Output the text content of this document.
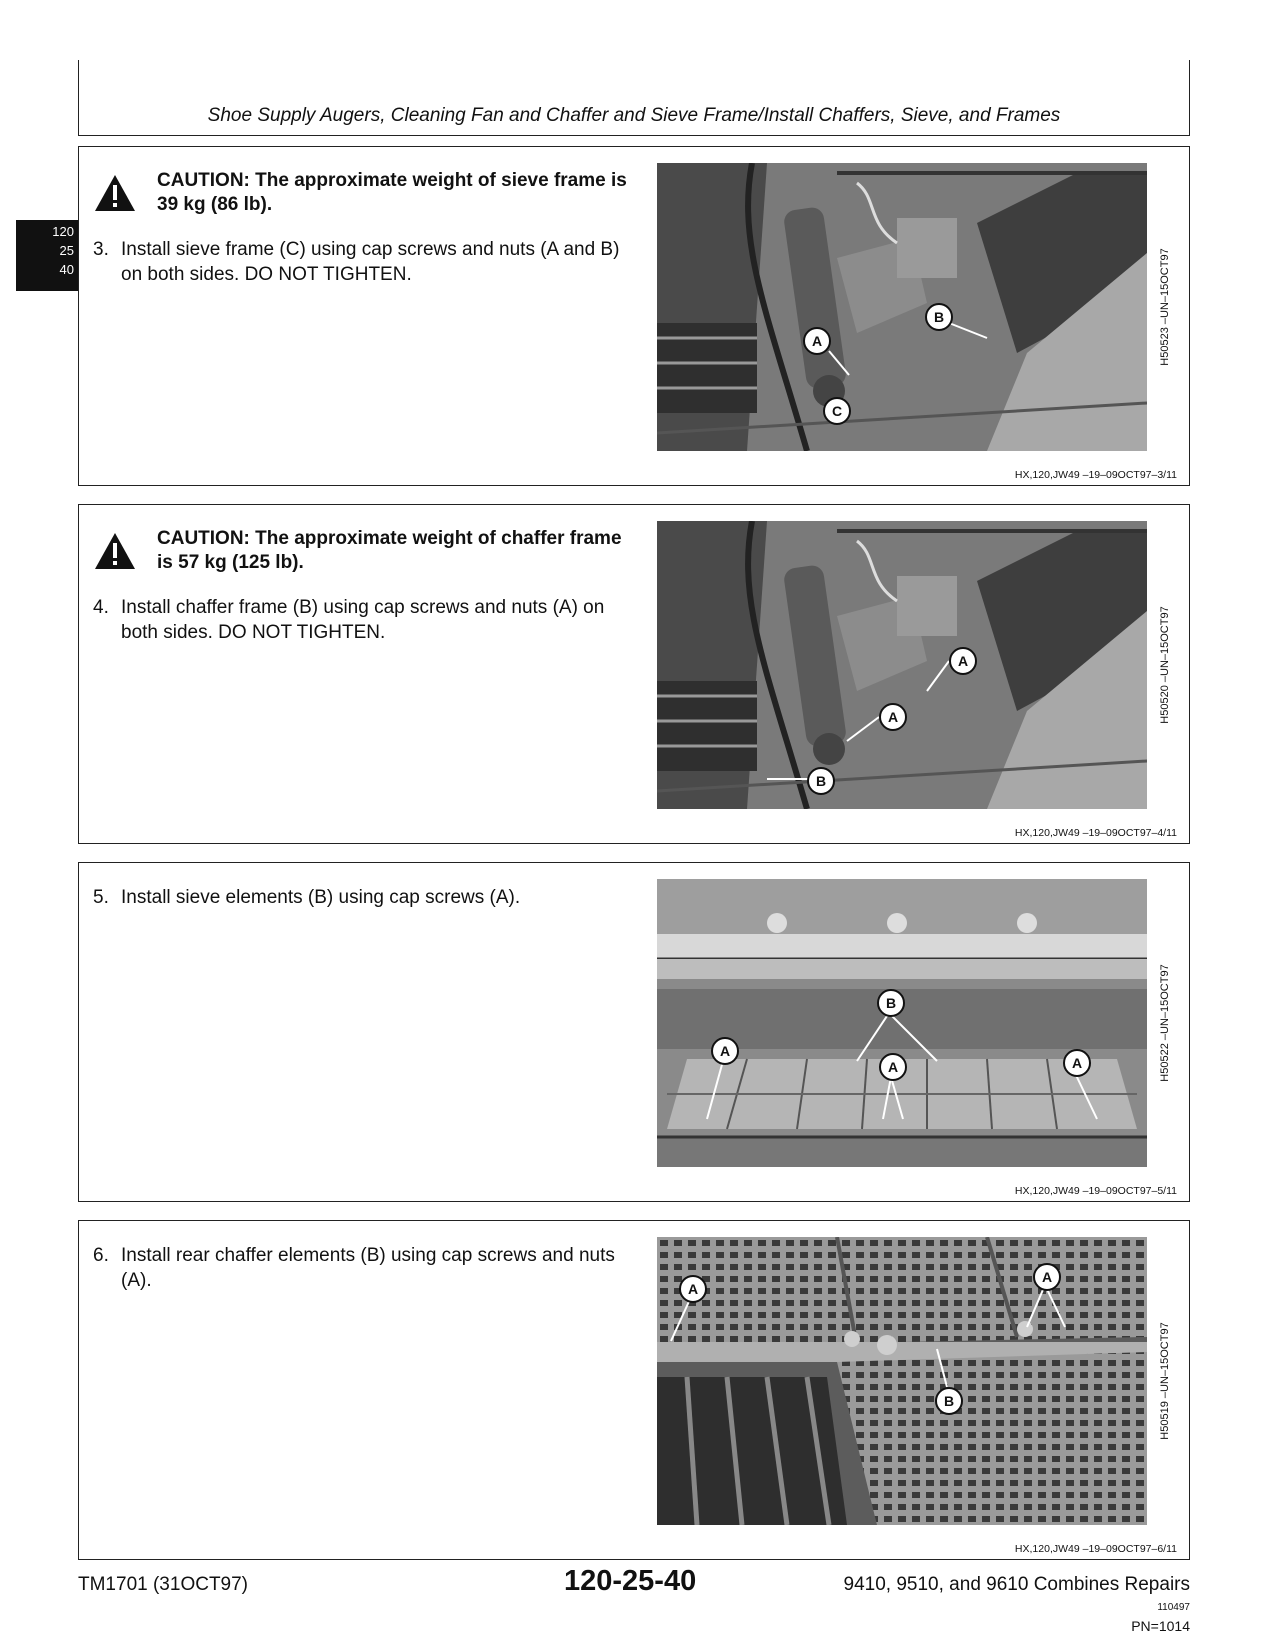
Shoe Supply Augers, Cleaning Fan and Chaffer and Sieve Frame/Install Chaffers, Sieve, and Frames
120
25
40
CAUTION: The approximate weight of sieve frame is 39 kg (86 lb).
3. Install sieve frame (C) using cap screws and nuts (A and B) on both sides. DO NOT TIGHTEN.
A
B
C
H50523 –UN–15OCT97
HX,120,JW49 –19–09OCT97–3/11
CAUTION: The approximate weight of chaffer frame is 57 kg (125 lb).
4. Install chaffer frame (B) using cap screws and nuts (A) on both sides. DO NOT TIGHTEN.
A
A
B
H50520 –UN–15OCT97
HX,120,JW49 –19–09OCT97–4/11
5. Install sieve elements (B) using cap screws (A).
B
A
A	A	H50522 –UN–15OCT97
HX,120,JW49 –19–09OCT97–5/11
6. Install rear chaffer elements (B) using cap screws and nuts (A).	A
A
B	H50519 –UN–15OCT97
HX,120,JW49 –19–09OCT97–6/11
TM1701 (31OCT97)	120-25-40	9410, 9510, and 9610 Combines Repairs
110497
PN=1014
